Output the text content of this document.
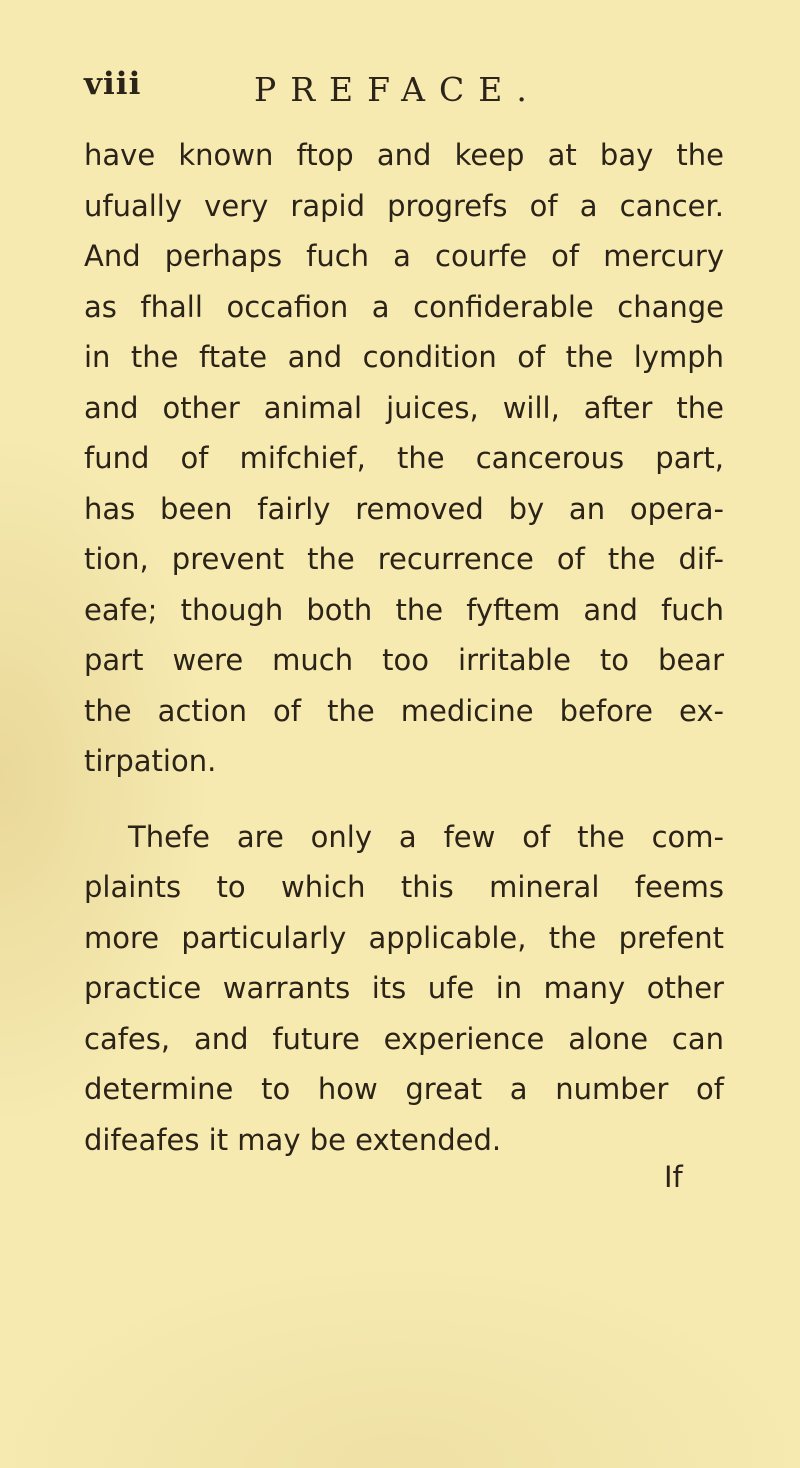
viii	PREFACE.
have known ftop and keep at bay the
ufually very rapid progrefs of a cancer.
And perhaps fuch a courfe of mercury
as fhall occafion a confiderable change
in the ftate and condition of the lymph
and other animal juices, will, after the
fund of mifchief, the cancerous part,
has been fairly removed by an opera-
tion, prevent the recurrence of the dif-
eafe; though both the fyftem and fuch
part were much too irritable to bear
the action of the medicine before ex-
tirpation.
Thefe are only a few of the com-
plaints to which this mineral feems
more particularly applicable, the prefent
practice warrants its ufe in many other
cafes, and future experience alone can
determine to how great a number of
difeafes it may be extended.
If
